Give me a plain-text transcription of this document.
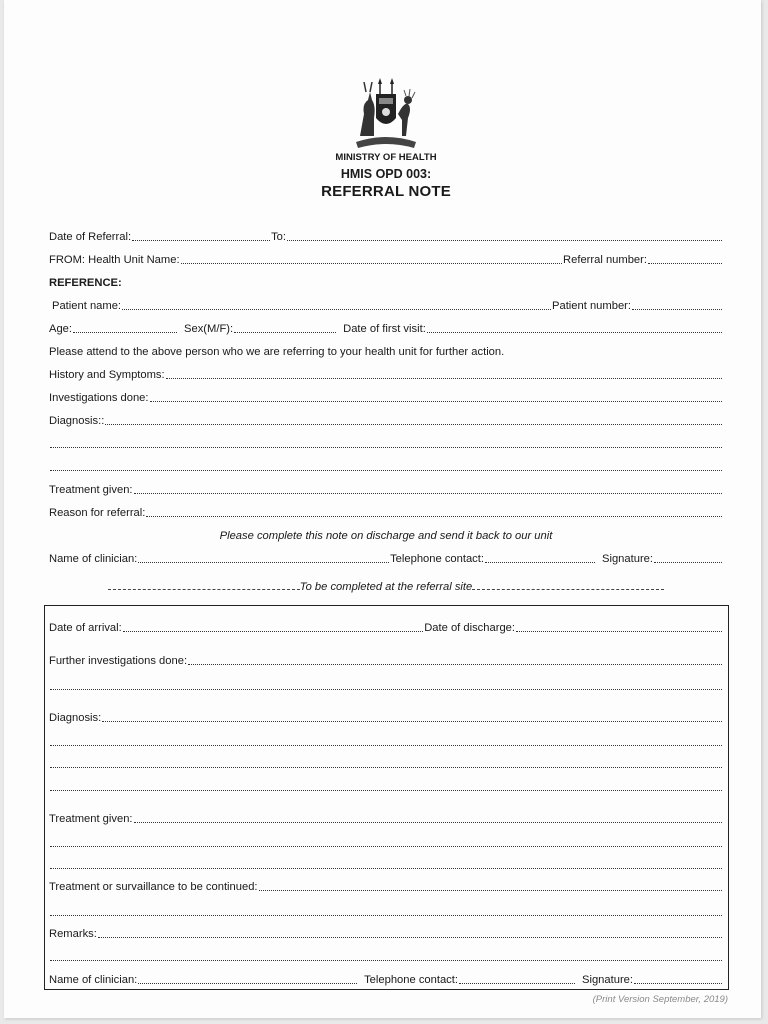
MINISTRY OF HEALTH
HMIS OPD 003:
REFERRAL NOTE
Date of Referral:	To:
FROM: Health Unit Name:	Referral number:
REFERENCE:
Patient name:	Patient number:
Age:	Sex(M/F):	Date of first visit:
Please attend to the above person who we are referring to your health unit for further action.
History and Symptoms:
Investigations done:
Diagnosis::
Treatment given:
Reason for referral:
Please complete this note on discharge and send it back to our unit
Name of clinician:	Telephone contact:	Signature:
To be completed at the referral site
Date of arrival:	Date of discharge:
Further investigations done:
Diagnosis:
Treatment given:
Treatment or survaillance to be continued:
Remarks:
Name of clinician:	Telephone contact:	Signature:
(Print Version September, 2019)
